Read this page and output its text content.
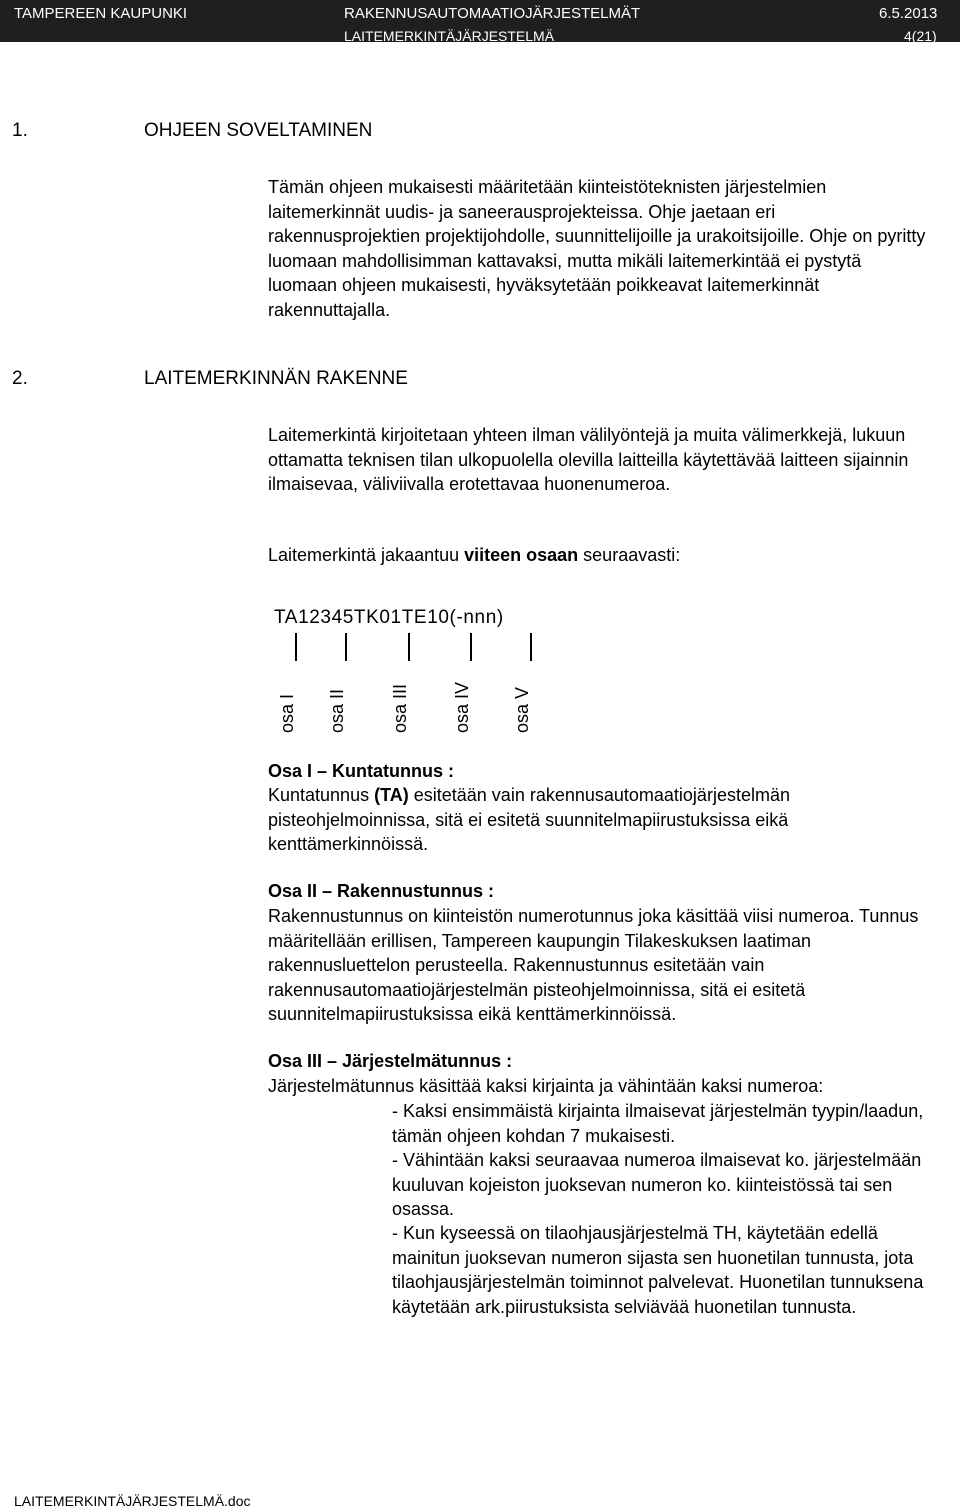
TAMPEREEN KAUPUNKI	RAKENNUSAUTOMAATIOJÄRJESTELMÄT	6.5.2013
LAITEMERKINTÄJÄRJESTELMÄ	4(21)
1.	OHJEEN SOVELTAMINEN

Tämän ohjeen mukaisesti määritetään kiinteistöteknisten järjestelmien laitemerkinnät uudis- ja saneerausprojekteissa. Ohje jaetaan eri rakennusprojektien projektijohdolle, suunnittelijoille ja urakoitsijoille. Ohje on pyritty luomaan mahdollisimman kattavaksi, mutta mikäli laitemerkintää ei pystytä luomaan ohjeen mukaisesti, hyväksytetään poikkeavat laitemerkinnät rakennuttajalla.

2.	LAITEMERKINNÄN RAKENNE

Laitemerkintä kirjoitetaan yhteen ilman välilyöntejä ja muita välimerkkejä, lukuun ottamatta teknisen tilan ulkopuolella olevilla laitteilla käytettävää laitteen sijainnin ilmaisevaa, väliviivalla erotettavaa huonenumeroa.

Laitemerkintä jakaantuu viiteen osaan seuraavasti:

TA12345TK01TE10(-nnn)
osa I osa II osa III osa IV osa V
Osa I – Kuntatunnus :

Kuntatunnus (TA) esitetään vain rakennusautomaatiojärjestelmän pisteohjelmoinnissa, sitä ei esitetä suunnitelmapiirustuksissa eikä kenttämerkinnöissä.

Osa II – Rakennustunnus :

Rakennustunnus on kiinteistön numerotunnus joka käsittää viisi numeroa. Tunnus määritellään erillisen, Tampereen kaupungin Tilakeskuksen laatiman rakennusluettelon perusteella. Rakennustunnus esitetään vain rakennusautomaatiojärjestelmän pisteohjelmoinnissa, sitä ei esitetä suunnitelmapiirustuksissa eikä kenttämerkinnöissä.

Osa III – Järjestelmätunnus :

Järjestelmätunnus käsittää kaksi kirjainta ja vähintään kaksi numeroa:

- Kaksi ensimmäistä kirjainta ilmaisevat järjestelmän tyypin/laadun, tämän ohjeen kohdan 7 mukaisesti.

- Vähintään kaksi seuraavaa numeroa ilmaisevat ko. järjestelmään kuuluvan kojeiston juoksevan numeron ko. kiinteistössä tai sen osassa.

- Kun kyseessä on tilaohjausjärjestelmä TH, käytetään edellä mainitun juoksevan numeron sijasta sen huonetilan tunnusta, jota tilaohjausjärjestelmän toiminnot palvelevat. Huonetilan tunnuksena käytetään ark.piirustuksista selviävää huonetilan tunnusta.

LAITEMERKINTÄJÄRJESTELMÄ.doc
